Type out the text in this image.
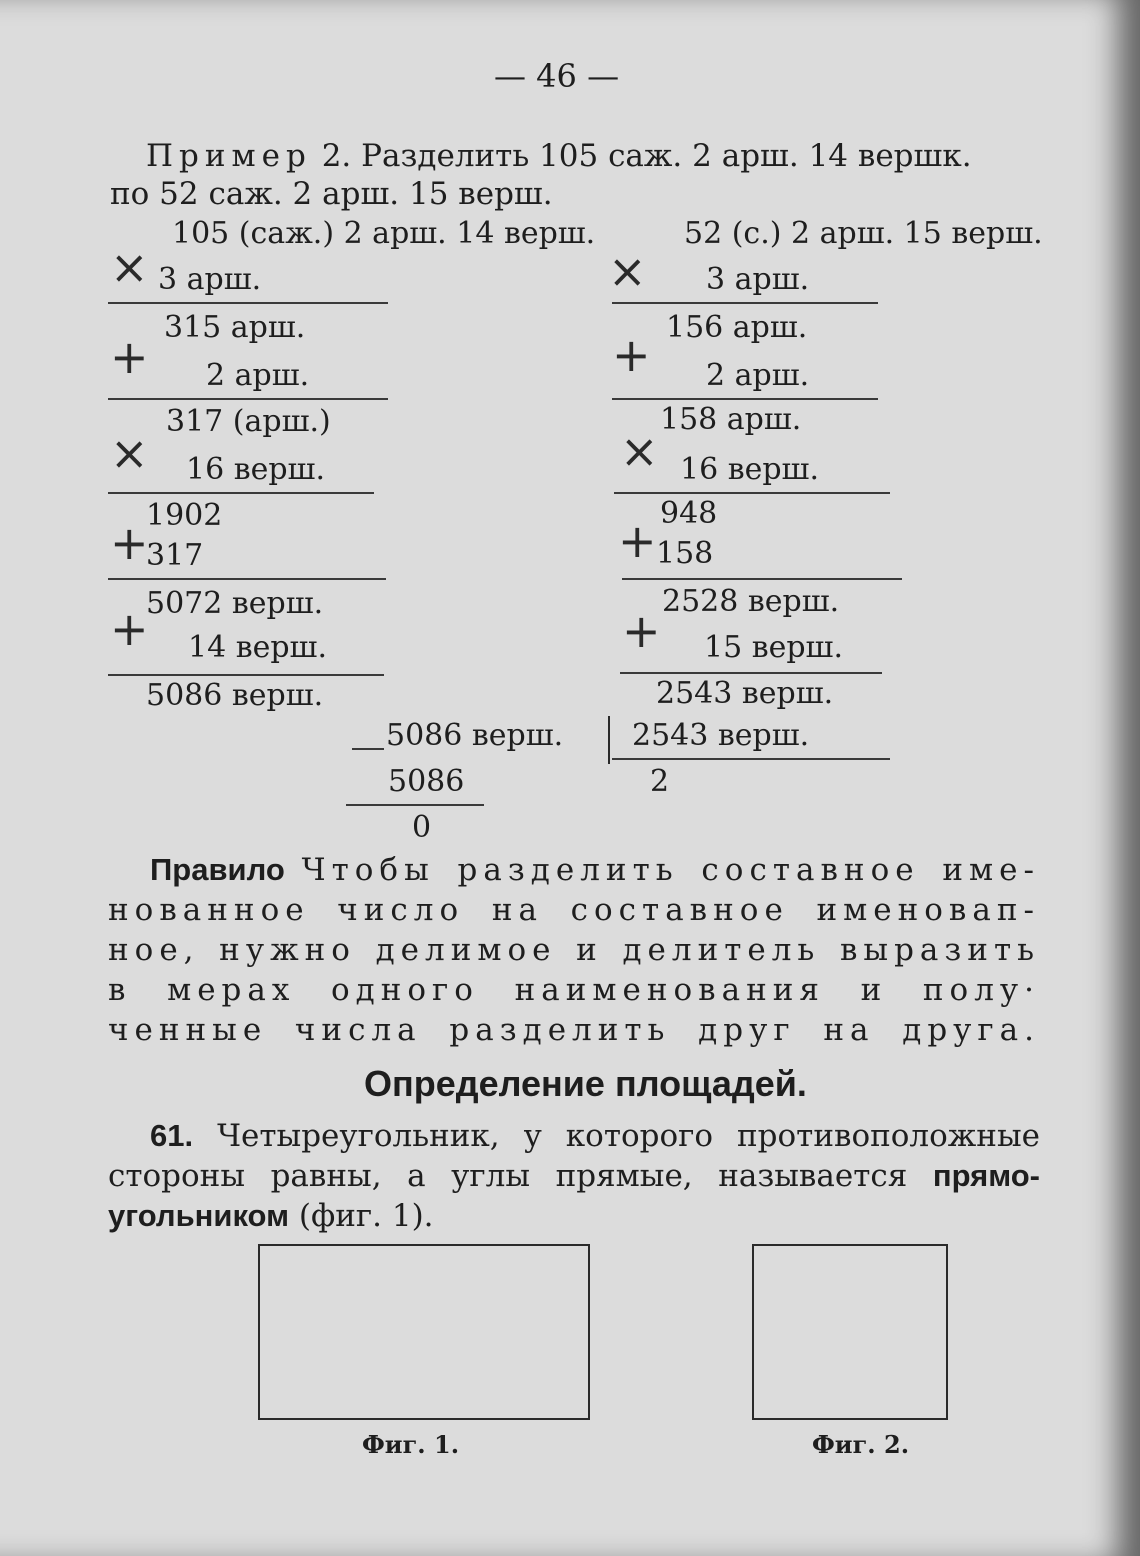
— 46 —
Пример 2. Разделить 105 саж. 2 арш. 14 вершк.
по 52 саж. 2 арш. 15 верш.
105 (саж.) 2 арш. 14 верш.
× 3 арш.
315 арш.
+ 2 арш.
317 (арш.)
× 16 верш.
1902
+
317
5072 верш.
+ 14 верш.
5086 верш.
52 (с.) 2 арш. 15 верш.
× 3 арш.
156 арш.
+ 2 арш.
158 арш.
× 16 верш.
948
+ 158
2528 верш.
+ 15 верш.
2543 верш.
5086 верш. 2543 верш.
5086	2
0
Правило Чтобы разделить составное име-
нованное число на составное именовап-
ное, нужно делимое и делитель выразить
в мерах одного наименования и полу·
ченные числа разделить друг на друга.
Определение площадей.
61. Четыреугольник, у которого противоположные
стороны равны, а углы прямые, называется прямо-
угольником (фиг. 1).
Фиг. 1.	Фиг. 2.
